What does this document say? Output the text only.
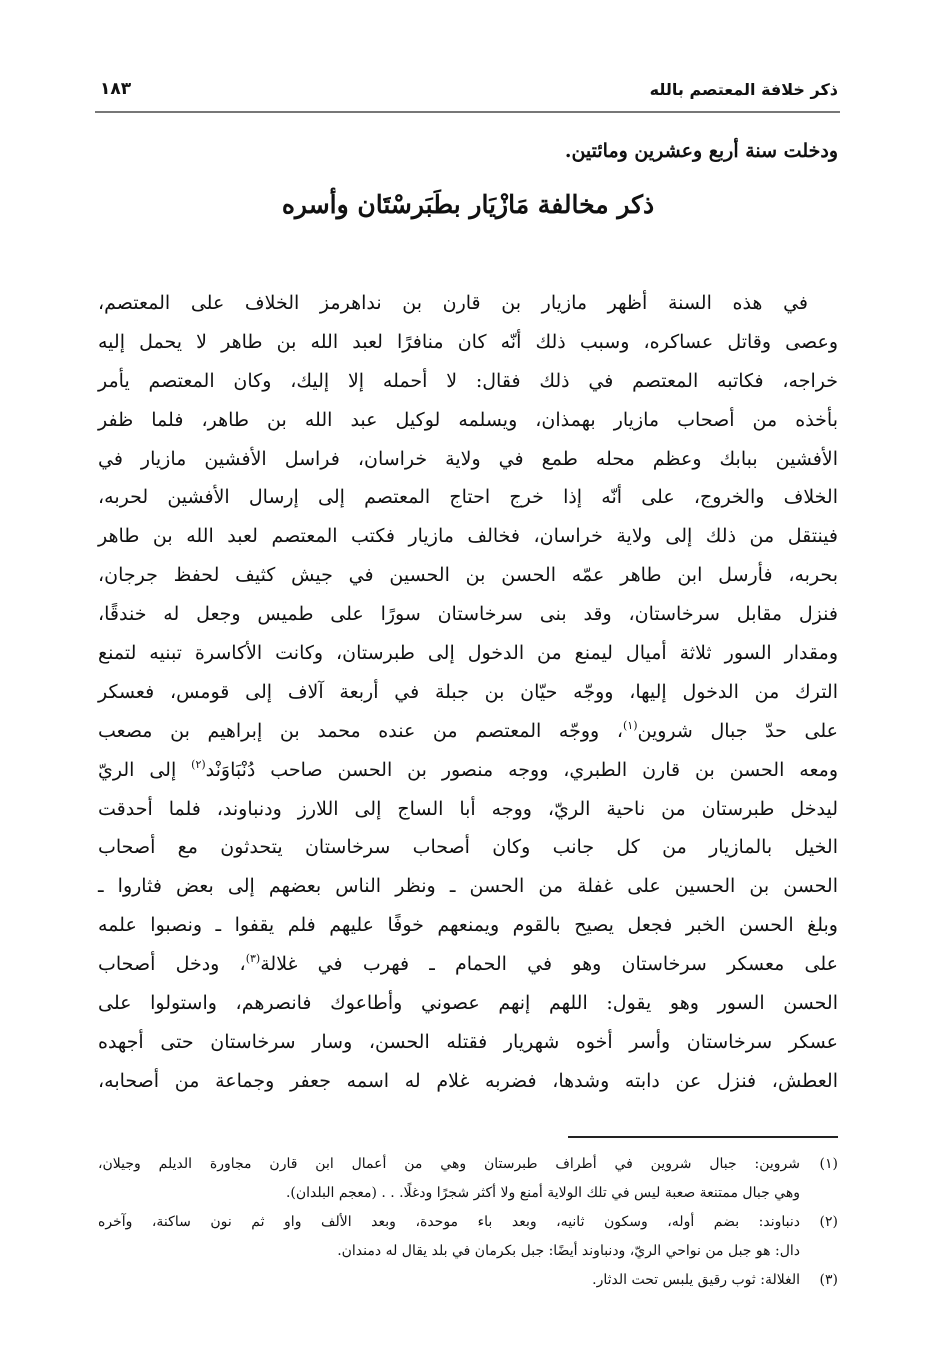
ذكر خلافة المعتصم بالله
١٨٣
ودخلت سنة أربع وعشرين ومائتين.
ذكر مخالفة مَازْيَار بطَبَرسْتَان وأسره
في هذه السنة أظهر مازيار بن قارن بن نداهرمز الخلاف على المعتصم،
وعصى وقاتل عساكره، وسبب ذلك أنّه كان منافرًا لعبد الله بن طاهر لا يحمل إليه
خراجه، فكاتبه المعتصم في ذلك فقال: لا أحمله إلا إليك، وكان المعتصم يأمر
بأخذه من أصحاب مازيار بهمذان، ويسلمه لوكيل عبد الله بن طاهر، فلما ظفر
الأفشين ببابك وعظم محله طمع في ولاية خراسان، فراسل الأفشين مازيار في
الخلاف والخروج، على أنّه إذا خرج احتاج المعتصم إلى إرسال الأفشين لحربه،
فينتقل من ذلك إلى ولاية خراسان، فخالف مازيار فكتب المعتصم لعبد الله بن طاهر
بحربه، فأرسل ابن طاهر عمّه الحسن بن الحسين في جيش كثيف لحفظ جرجان،
فنزل مقابل سرخاستان، وقد بنى سرخاستان سورًا على طميس وجعل له خندقًا،
ومقدار السور ثلاثة أميال ليمنع من الدخول إلى طبرستان، وكانت الأكاسرة تبنيه لتمنع
الترك من الدخول إليها، ووجّه حيّان بن جبلة في أربعة آلاف إلى قومس، فعسكر
على حدّ جبال شروين$^{(١)}$، ووجّه المعتصم من عنده محمد بن إبراهيم بن مصعب
ومعه الحسن بن قارن الطبري، ووجه منصور بن الحسن صاحب دُنْبَاوَنْد$^{(٢)}$ إلى الريّ
ليدخل طبرستان من ناحية الريّ، ووجه أبا الساج إلى اللارز ودنباوند، فلما أحدقت
الخيل بالمازيار من كل جانب وكان أصحاب سرخاستان يتحدثون مع أصحاب
الحسن بن الحسين على غفلة من الحسن ـ ونظر الناس بعضهم إلى بعض فثاروا ـ
وبلغ الحسن الخبر فجعل يصيح بالقوم ويمنعهم خوفًا عليهم فلم يقفوا ـ ونصبوا علمه
على معسكر سرخاستان وهو في الحمام ـ فهرب في غلالة$^{(٣)}$، ودخل أصحاب
الحسن السور وهو يقول: اللهم إنهم عصوني وأطاعوك فانصرهم، واستولوا على
عسكر سرخاستان وأسر أخوه شهريار فقتله الحسن، وسار سرخاستان حتى أجهده
العطش، فنزل عن دابته وشدها، فضربه غلام له اسمه جعفر وجماعة من أصحابه،
(١)
شروين: جبال شروين في أطراف طبرستان وهي من أعمال ابن قارن مجاورة الديلم وجيلان،
وهي جبال ممتنعة صعبة ليس في تلك الولاية أمنع ولا أكثر شجرًا ودغلًا. . . (معجم البلدان).
(٢)
دنباوند: بضم أوله، وسكون ثانيه، وبعد باء موحدة، وبعد الألف واو ثم نون ساكنة، وآخره
دال: هو جبل من نواحي الريّ، ودنباوند أيضًا: جبل بكرمان في بلد يقال له دمندان.
(٣)
الغلالة: ثوب رقيق يلبس تحت الدثار.
